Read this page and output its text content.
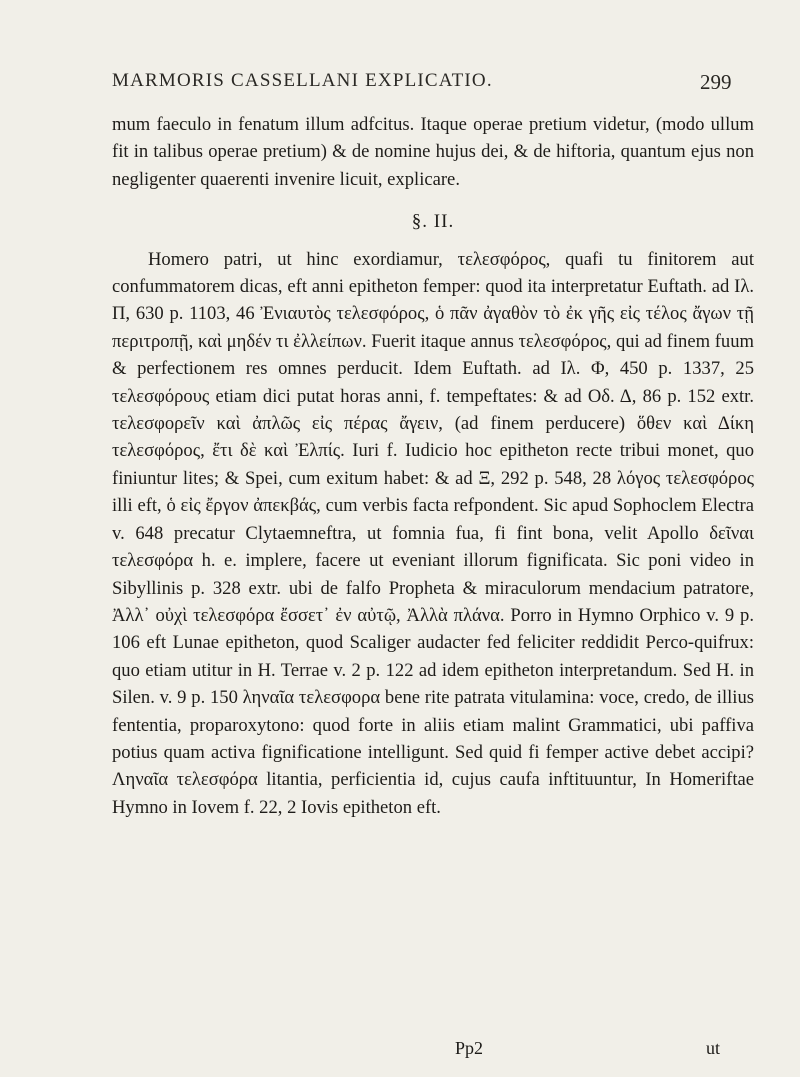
MARMORIS CASSELLANI EXPLICATIO.	299

mum faeculo in fenatum illum adfcitus. Itaque operae pretium videtur, (modo ullum fit in talibus operae pretium) & de nomine hujus dei, & de hiftoria, quantum ejus non negligenter quaerenti invenire licuit, explicare.

§. II.

Homero patri, ut hinc exordiamur, τελεσφόρος, quafi tu finitorem aut confummatorem dicas, eft anni epitheton femper: quod ita interpretatur Euftath. ad Ιλ. Π, 630 p. 1103, 46 Ἐνιαυτὸς τελεσφόρος, ὁ πᾶν ἀγαθὸν τὸ ἐκ γῆς εἰς τέλος ἄγων τῇ περιτροπῇ, καὶ μηδέν τι ἐλλείπων. Fuerit itaque annus τελεσφόρος, qui ad finem fuum & perfectionem res omnes perducit. Idem Euftath. ad Ιλ. Φ, 450 p. 1337, 25 τελεσφόρους etiam dici putat horas anni, f. tempeftates: & ad Οδ. Δ, 86 p. 152 extr. τελεσφορεῖν καὶ ἀπλῶς εἰς πέρας ἄγειν, (ad finem perducere) ὅθεν καὶ Δίκη τελεσφόρος, ἔτι δὲ καὶ Ἐλπίς. Iuri f. Iudicio hoc epitheton recte tribui monet, quo finiuntur lites; & Spei, cum exitum habet: & ad Ξ, 292 p. 548, 28 λόγος τελεσφόρος illi eft, ὁ εἰς ἔργον ἀπεκβάς, cum verbis facta refpondent. Sic apud Sophoclem Electra v. 648 precatur Clytaemneftra, ut fomnia fua, fi fint bona, velit Apollo δεῖναι τελεσφόρα h. e. implere, facere ut eveniant illorum fignificata. Sic poni video in Sibyllinis p. 328 extr. ubi de falfo Propheta & miraculorum mendacium patratore, Ἀλλ᾽ οὐχὶ τελεσφόρα ἔσσετ᾽ ἐν αὐτῷ, Ἀλλὰ πλάνα. Porro in Hymno Orphico v. 9 p. 106 eft Lunae epitheton, quod Scaliger audacter fed feliciter reddidit Perco-quifrux: quo etiam utitur in H. Terrae v. 2 p. 122 ad idem epitheton interpretandum. Sed H. in Silen. v. 9 p. 150 ληναῖα τελεσφορα bene rite patrata vitulamina: voce, credo, de illius fententia, proparoxytono: quod forte in aliis etiam malint Grammatici, ubi paffiva potius quam activa fignificatione intelligunt. Sed quid fi femper active debet accipi? Ληναῖα τελεσφόρα litantia, perficientia id, cujus caufa inftituuntur, In Homeriftae Hymno in Iovem f. 22, 2 Iovis epitheton eft.

Pp2	ut
